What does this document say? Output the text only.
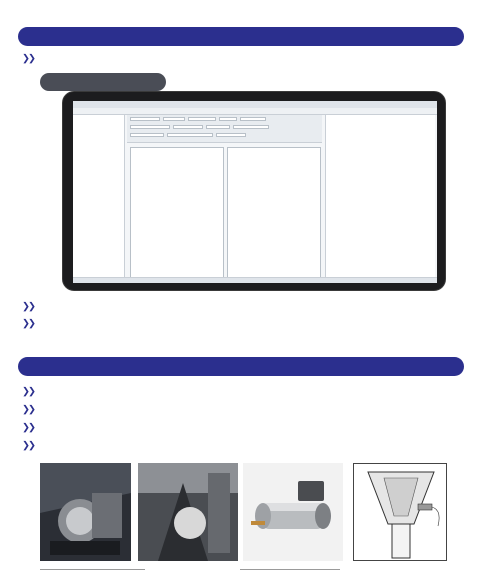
❯❯
❯❯
❯❯
❯❯
❯❯
❯❯
❯❯
